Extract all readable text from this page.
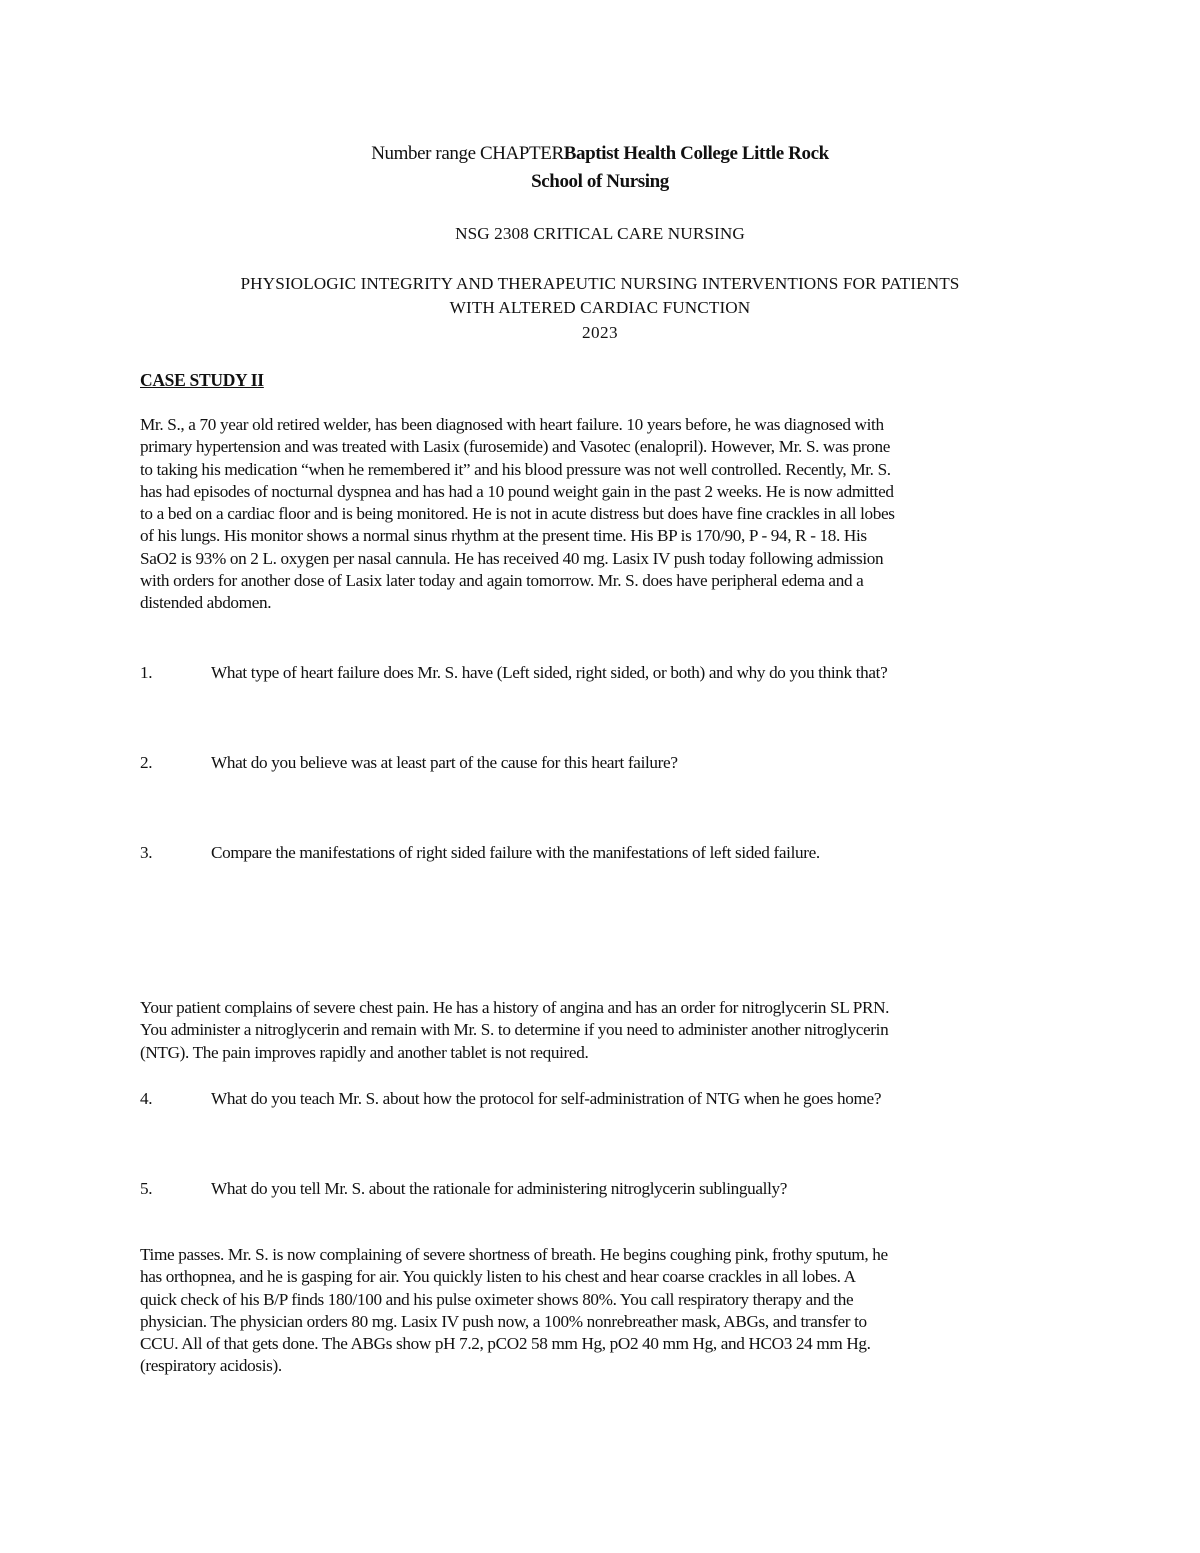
Number range CHAPTERBaptist Health College Little Rock
School of Nursing
NSG 2308 CRITICAL CARE NURSING
PHYSIOLOGIC INTEGRITY AND THERAPEUTIC NURSING INTERVENTIONS FOR PATIENTS
WITH ALTERED CARDIAC FUNCTION
2023
CASE STUDY II
Mr. S., a 70 year old retired welder, has been diagnosed with heart failure. 10 years before, he was diagnosed with
primary hypertension and was treated with Lasix (furosemide) and Vasotec (enalopril). However, Mr. S. was prone
to taking his medication “when he remembered it” and his blood pressure was not well controlled. Recently, Mr. S.
has had episodes of nocturnal dyspnea and has had a 10 pound weight gain in the past 2 weeks. He is now admitted
to a bed on a cardiac floor and is being monitored. He is not in acute distress but does have fine crackles in all lobes
of his lungs. His monitor shows a normal sinus rhythm at the present time. His BP is 170/90, P - 94, R - 18. His
SaO2 is 93% on 2 L. oxygen per nasal cannula. He has received 40 mg. Lasix IV push today following admission
with orders for another dose of Lasix later today and again tomorrow. Mr. S. does have peripheral edema and a
distended abdomen.
1.	What type of heart failure does Mr. S. have (Left sided, right sided, or both) and why do you think that?
2.	What do you believe was at least part of the cause for this heart failure?
3.	Compare the manifestations of right sided failure with the manifestations of left sided failure.
Your patient complains of severe chest pain. He has a history of angina and has an order for nitroglycerin SL PRN.
You administer a nitroglycerin and remain with Mr. S. to determine if you need to administer another nitroglycerin
(NTG). The pain improves rapidly and another tablet is not required.
4.	What do you teach Mr. S. about how the protocol for self-administration of NTG when he goes home?
5.	What do you tell Mr. S. about the rationale for administering nitroglycerin sublingually?
Time passes. Mr. S. is now complaining of severe shortness of breath. He begins coughing pink, frothy sputum, he
has orthopnea, and he is gasping for air. You quickly listen to his chest and hear coarse crackles in all lobes. A
quick check of his B/P finds 180/100 and his pulse oximeter shows 80%. You call respiratory therapy and the
physician. The physician orders 80 mg. Lasix IV push now, a 100% nonrebreather mask, ABGs, and transfer to
CCU. All of that gets done. The ABGs show pH 7.2, pCO2 58 mm Hg, pO2 40 mm Hg, and HCO3 24 mm Hg.
(respiratory acidosis).
